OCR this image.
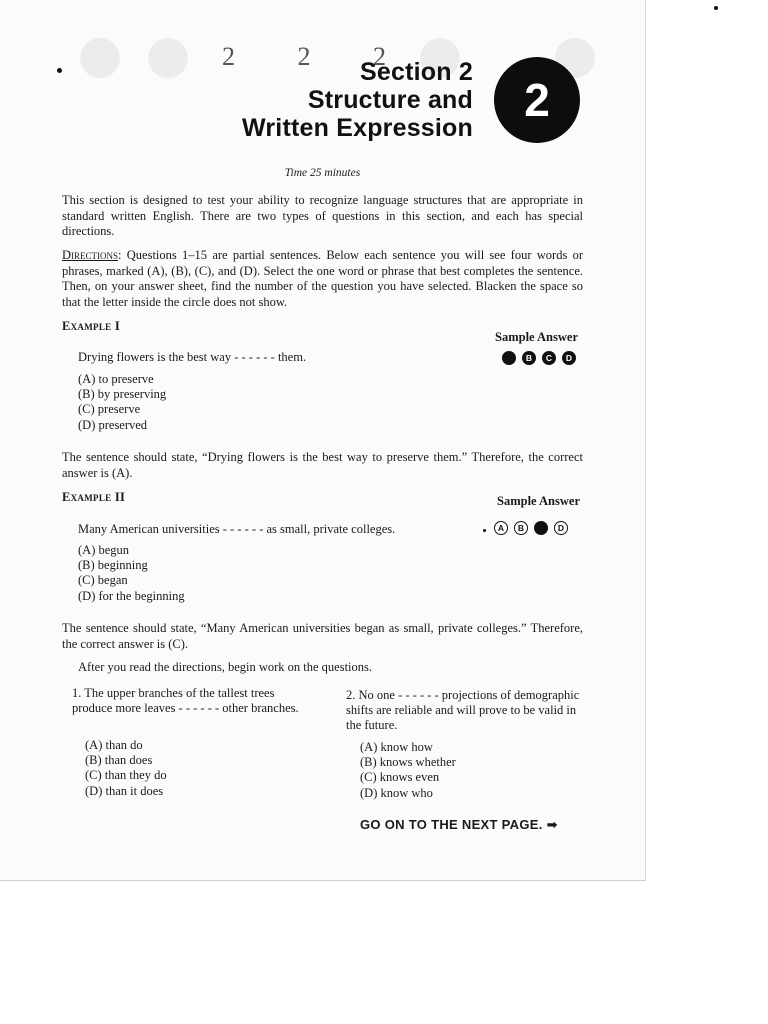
2 2 2
Section 2
Structure and
Written Expression
2
Time 25 minutes
This section is designed to test your ability to recognize language structures that are appropriate in standard written English. There are two types of questions in this section, and each has special directions.
Directions: Questions 1–15 are partial sentences. Below each sentence you will see four words or phrases, marked (A), (B), (C), and (D). Select the one word or phrase that best completes the sentence. Then, on your answer sheet, find the number of the question you have selected. Blacken the space so that the letter inside the circle does not show.
Example I
Sample Answer
Drying flowers is the best way - - - - - - them.	A	B	C	D
(A) to preserve
(B) by preserving
(C) preserve
(D) preserved
The sentence should state, “Drying flowers is the best way to preserve them.” Therefore, the correct answer is (A).
Example II	Sample Answer
Many American universities - - - - - - as small, private colleges.	A	B	C	D
(A) begun
(B) beginning
(C) began
(D) for the beginning
The sentence should state, “Many American universities began as small, private colleges.” Therefore, the correct answer is (C).
After you read the directions, begin work on the questions.
1. The upper branches of the tallest trees produce more leaves - - - - - - other branches.
(A) than do
(B) than does
(C) than they do
(D) than it does
2. No one - - - - - - projections of demographic shifts are reliable and will prove to be valid in the future.
(A) know how
(B) knows whether
(C) knows even
(D) know who
GO ON TO THE NEXT PAGE. ➡
